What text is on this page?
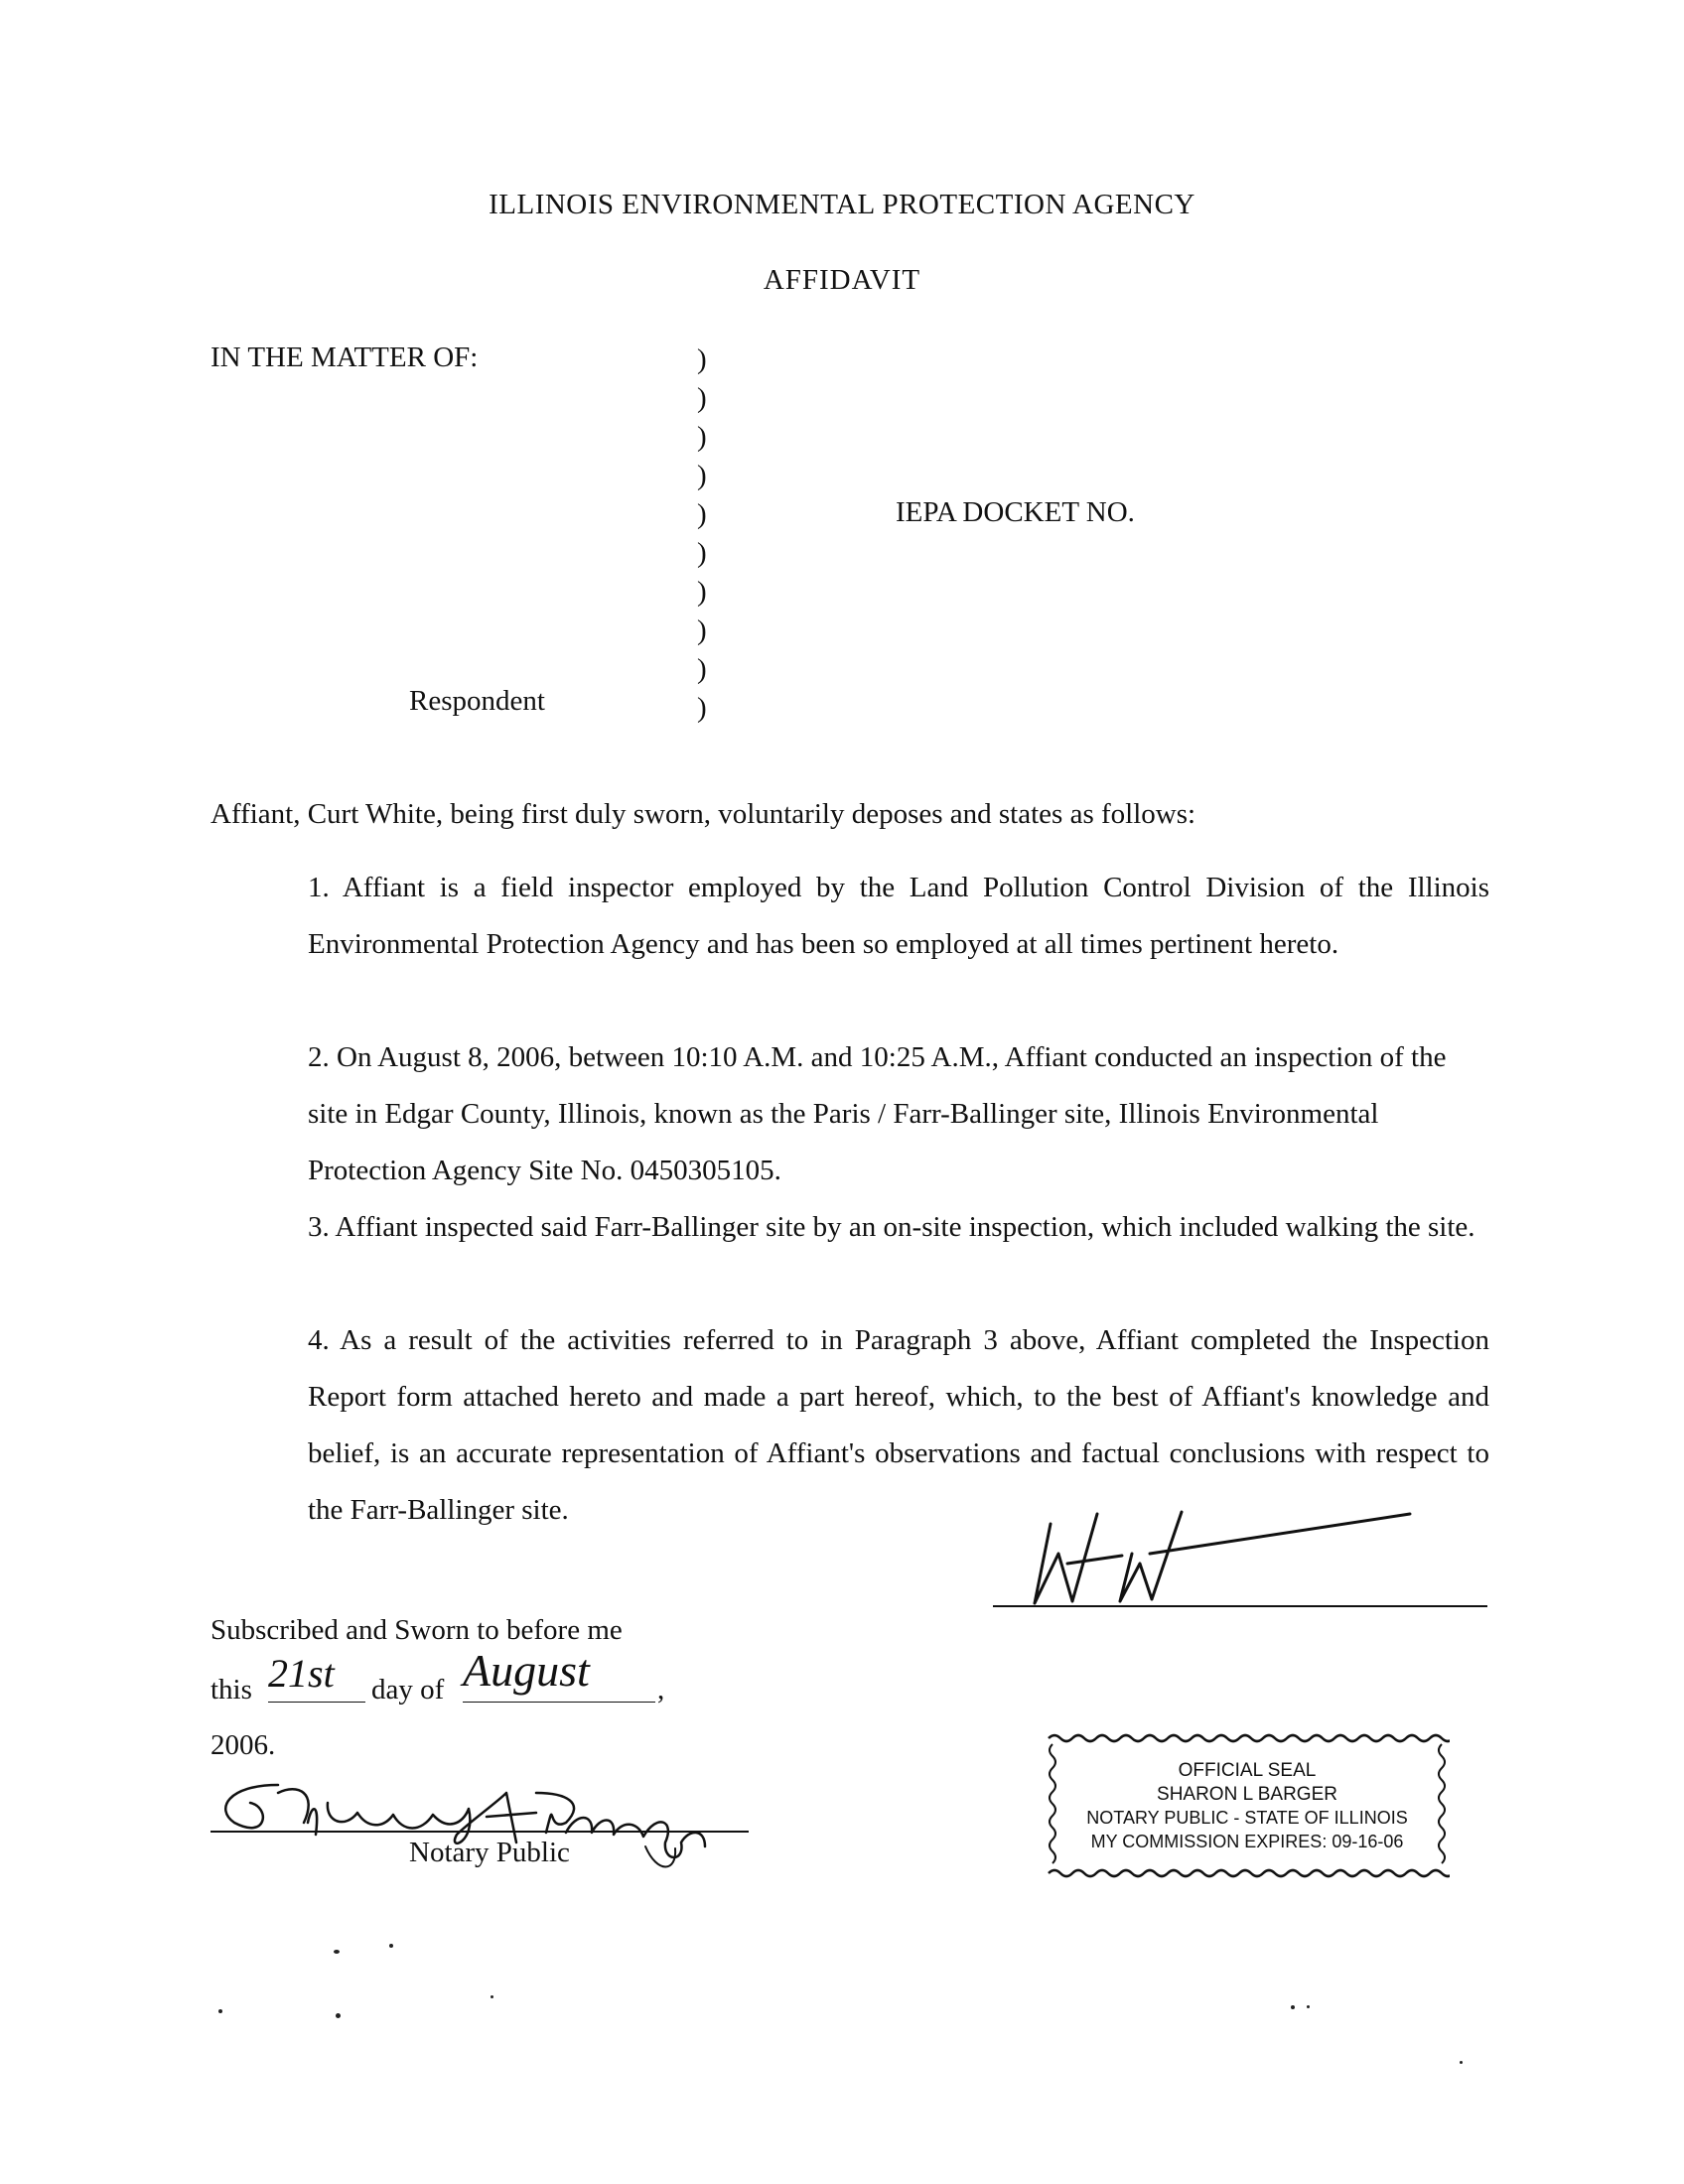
ILLINOIS ENVIRONMENTAL PROTECTION AGENCY
AFFIDAVIT
IN THE MATTER OF:
IEPA DOCKET NO.
Respondent
)
)
)
)
)
)
)
)
)
)
Affiant, Curt White, being first duly sworn, voluntarily deposes and states as follows:
1. Affiant is a field inspector employed by the Land Pollution Control Division of the Illinois Environmental Protection Agency and has been so employed at all times pertinent hereto.
2. On August 8, 2006, between 10:10 A.M. and 10:25 A.M., Affiant conducted an inspection of the site in Edgar County, Illinois, known as the Paris / Farr-Ballinger site, Illinois Environmental Protection Agency Site No. 0450305105.
3. Affiant inspected said Farr-Ballinger site by an on-site inspection, which included walking the site.
4. As a result of the activities referred to in Paragraph 3 above, Affiant completed the Inspection Report form attached hereto and made a part hereof, which, to the best of Affiant's knowledge and belief, is an accurate representation of Affiant's observations and factual conclusions with respect to the Farr-Ballinger site.
Subscribed and Sworn to before me
this 21st day of August ,
2006.
Notary Public
OFFICIAL SEAL
SHARON L BARGER
NOTARY PUBLIC - STATE OF ILLINOIS
MY COMMISSION EXPIRES: 09-16-06
